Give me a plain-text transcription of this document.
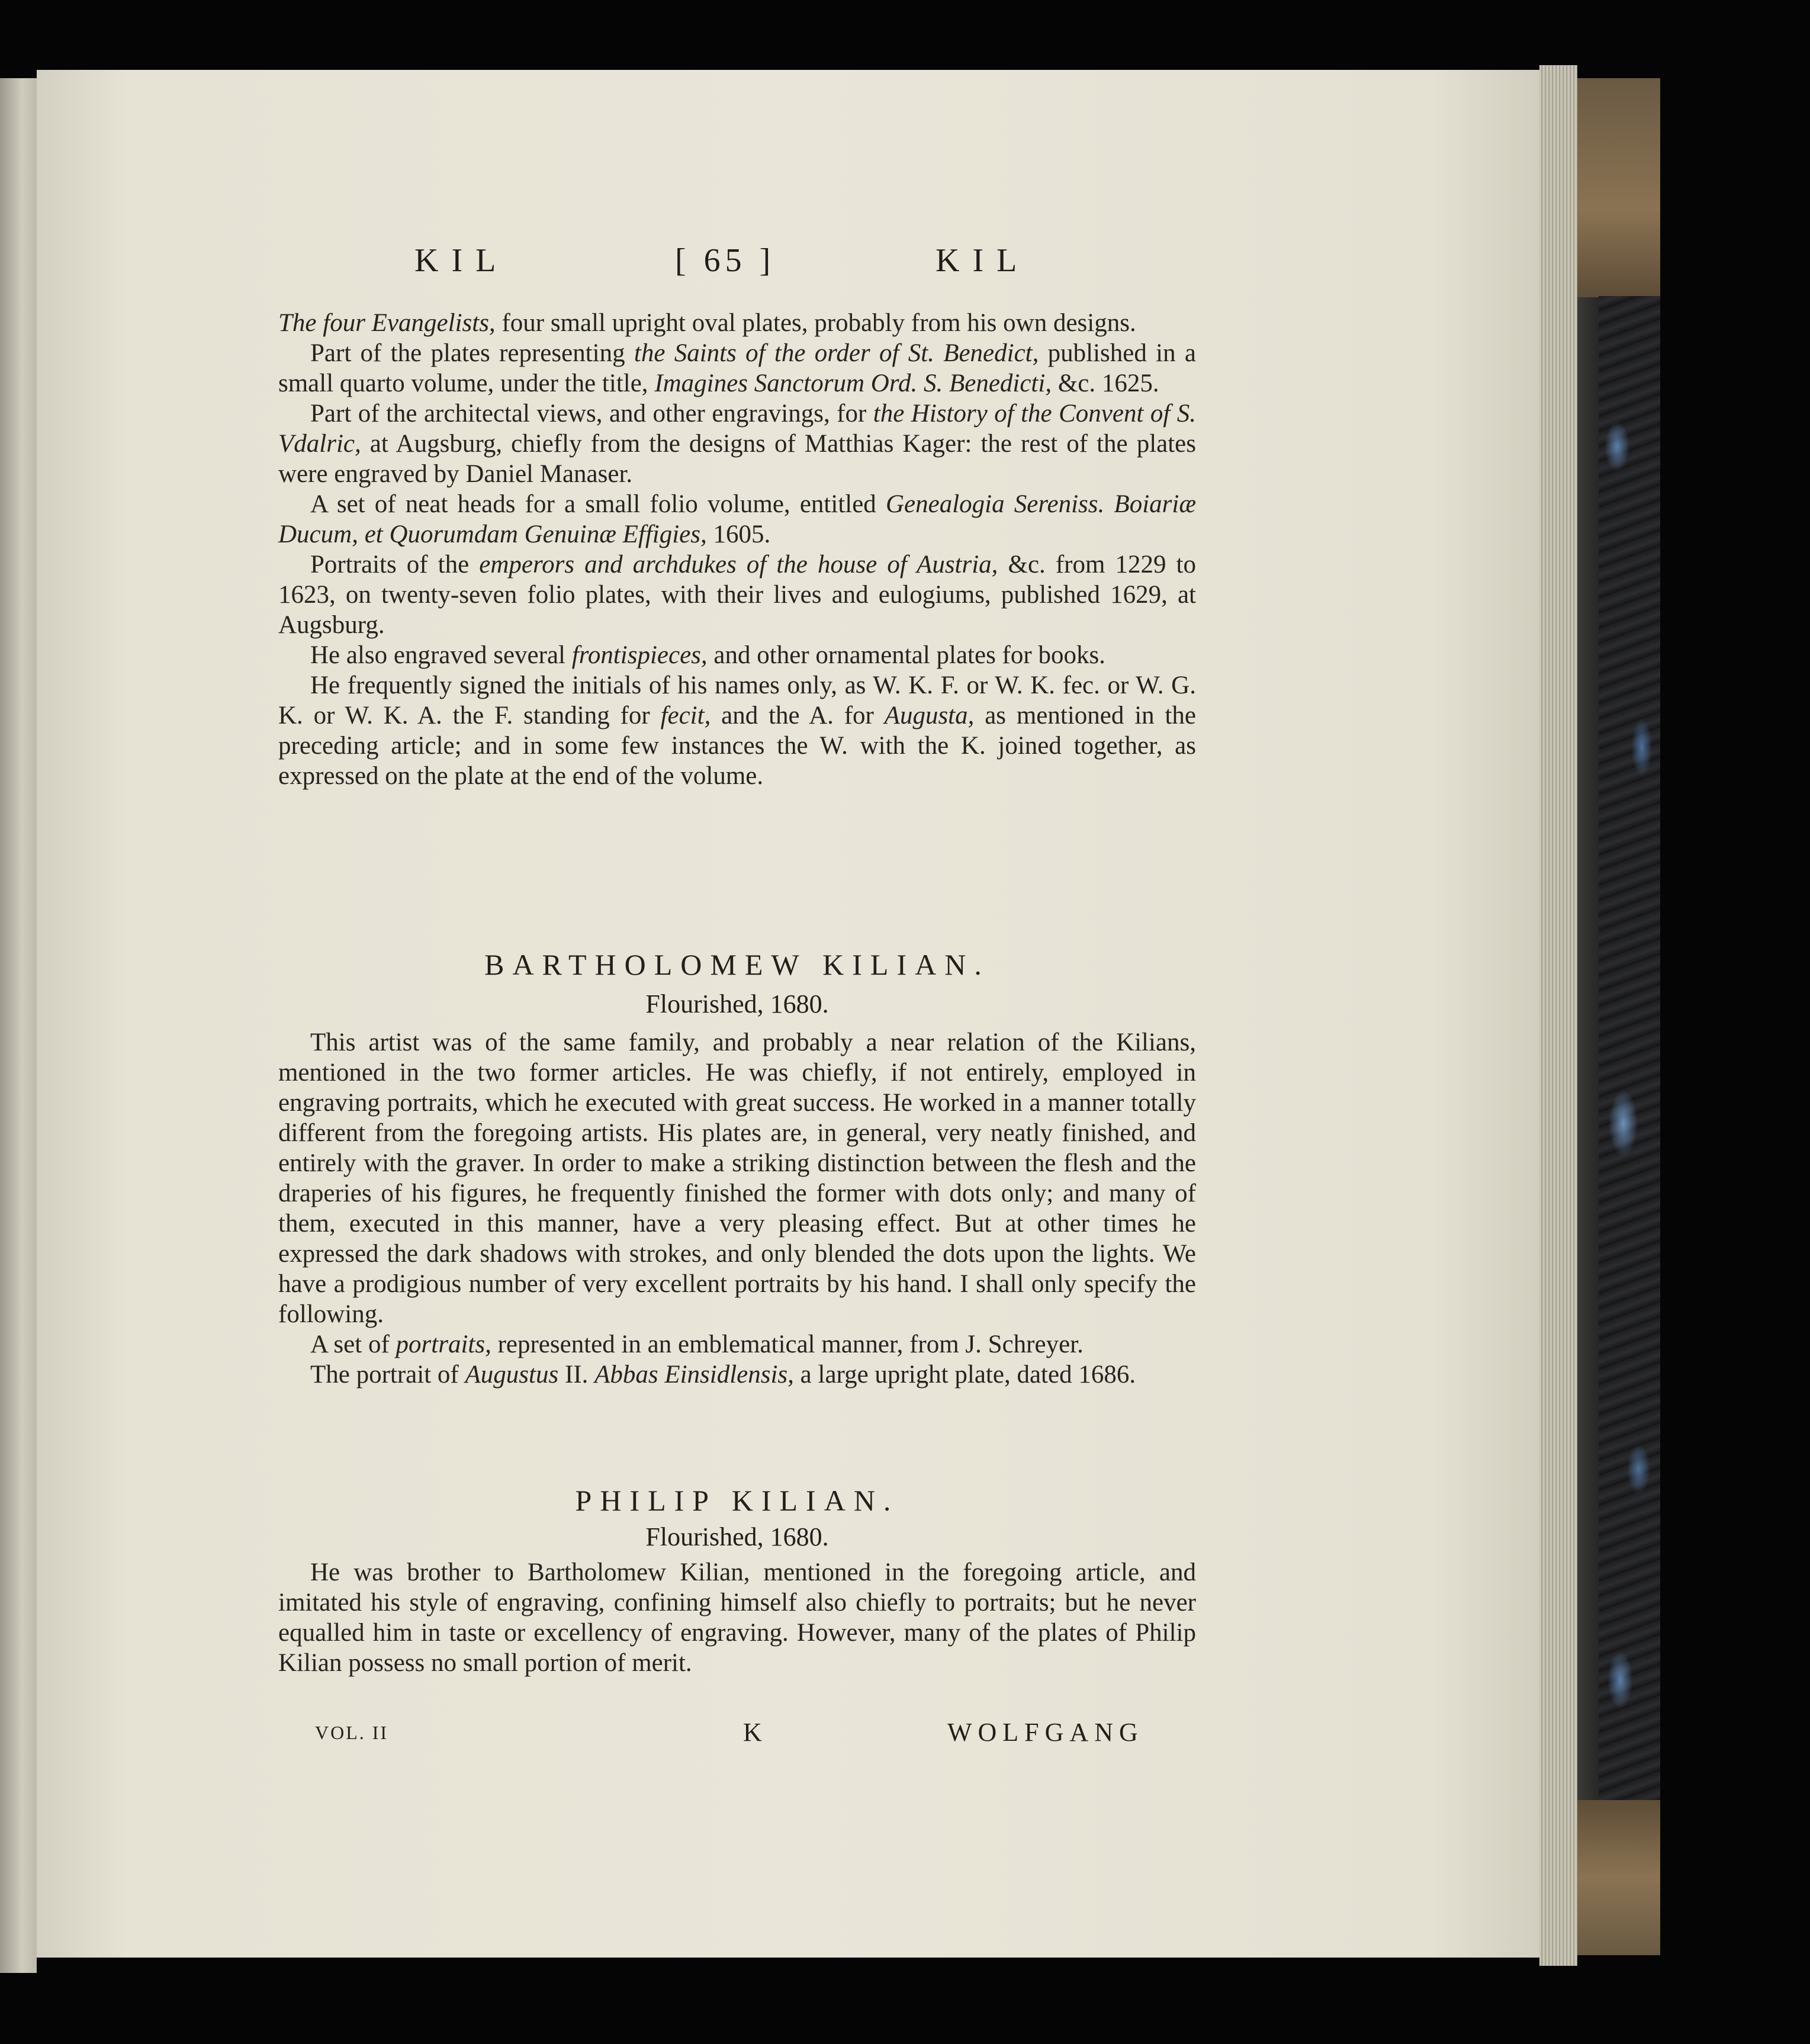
KIL	[ 65 ]	KIL

The four Evangelists, four small upright oval plates, probably from his own designs.

Part of the plates representing the Saints of the order of St. Benedict, published in a small quarto volume, under the title, Imagines Sanctorum Ord. S. Benedicti, &c. 1625.

Part of the architectal views, and other engravings, for the History of the Convent of S. Vdalric, at Augsburg, chiefly from the designs of Matthias Kager: the rest of the plates were engraved by Daniel Manaser.

A set of neat heads for a small folio volume, entitled Genealogia Sereniss. Boiariæ Ducum, et Quorumdam Genuinæ Effigies, 1605.

Portraits of the emperors and archdukes of the house of Austria, &c. from 1229 to 1623, on twenty-seven folio plates, with their lives and eulogiums, published 1629, at Augsburg.

He also engraved several frontispieces, and other ornamental plates for books.

He frequently signed the initials of his names only, as W. K. F. or W. K. fec. or W. G. K. or W. K. A. the F. standing for fecit, and the A. for Augusta, as mentioned in the preceding article; and in some few instances the W. with the K. joined together, as expressed on the plate at the end of the volume.

BARTHOLOMEW KILIAN.
Flourished, 1680.

This artist was of the same family, and probably a near relation of the Kilians, mentioned in the two former articles. He was chiefly, if not entirely, employed in engraving portraits, which he executed with great success. He worked in a manner totally different from the foregoing artists. His plates are, in general, very neatly finished, and entirely with the graver. In order to make a striking distinction between the flesh and the draperies of his figures, he frequently finished the former with dots only; and many of them, executed in this manner, have a very pleasing effect. But at other times he expressed the dark shadows with strokes, and only blended the dots upon the lights. We have a prodigious number of very excellent portraits by his hand. I shall only specify the following.

A set of portraits, represented in an emblematical manner, from J. Schreyer.

The portrait of Augustus II. Abbas Einsidlensis, a large upright plate, dated 1686.

PHILIP KILIAN.
Flourished, 1680.

He was brother to Bartholomew Kilian, mentioned in the foregoing article, and imitated his style of engraving, confining himself also chiefly to portraits; but he never equalled him in taste or excellency of engraving. However, many of the plates of Philip Kilian possess no small portion of merit.

VOL. II	K	WOLFGANG
